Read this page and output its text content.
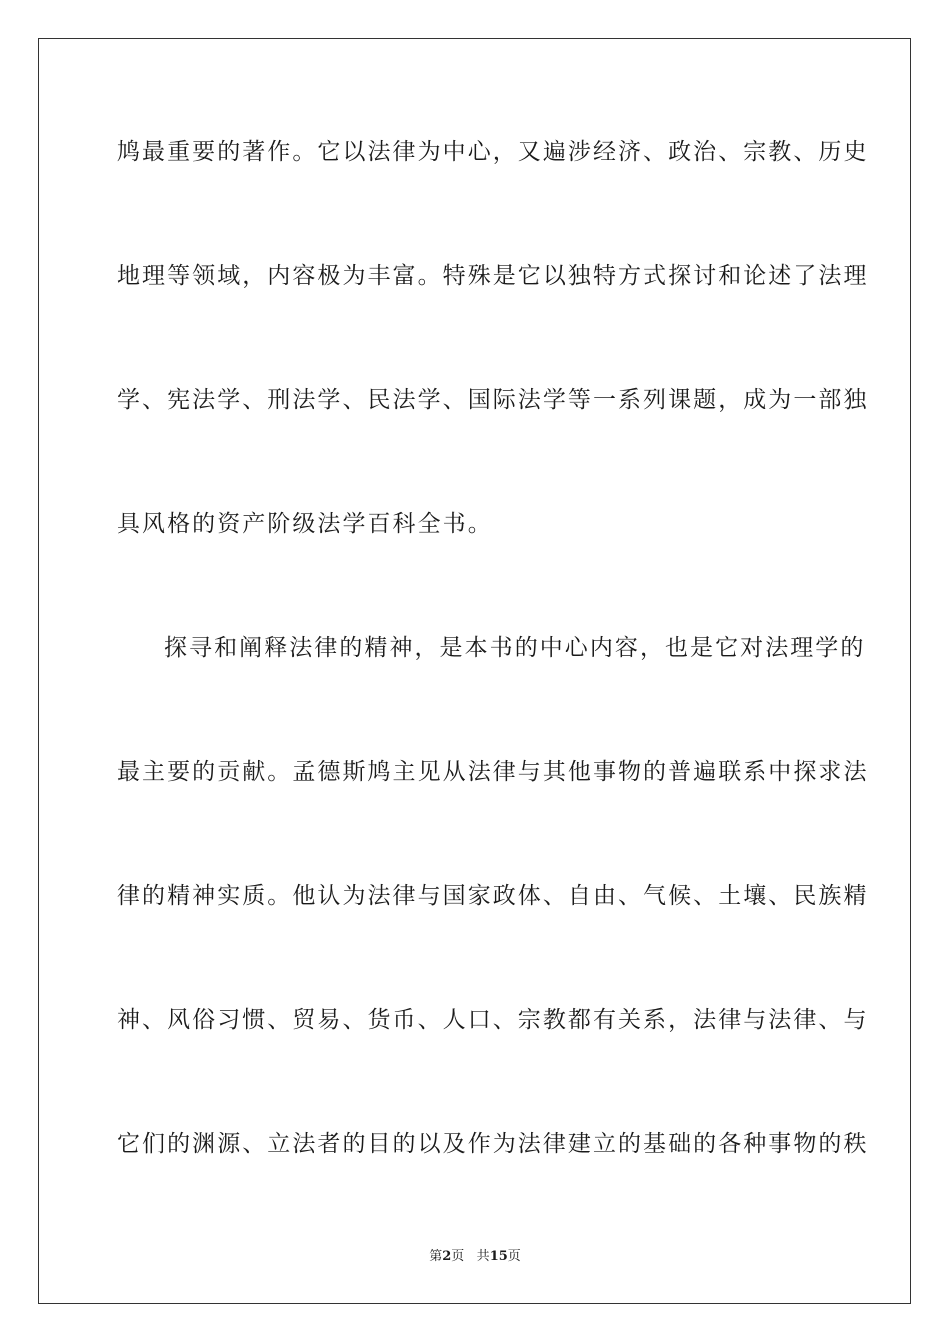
鸠最重要的著作。它以法律为中心，又遍涉经济、政治、宗教、历史
地理等领域，内容极为丰富。特殊是它以独特方式探讨和论述了法理
学、宪法学、刑法学、民法学、国际法学等一系列课题，成为一部独
具风格的资产阶级法学百科全书。
探寻和阐释法律的精神，是本书的中心内容，也是它对法理学的
最主要的贡献。孟德斯鸠主见从法律与其他事物的普遍联系中探求法
律的精神实质。他认为法律与国家政体、自由、气候、土壤、民族精
神、风俗习惯、贸易、货币、人口、宗教都有关系，法律与法律、与
它们的渊源、立法者的目的以及作为法律建立的基础的各种事物的秩
第2页 共15页
